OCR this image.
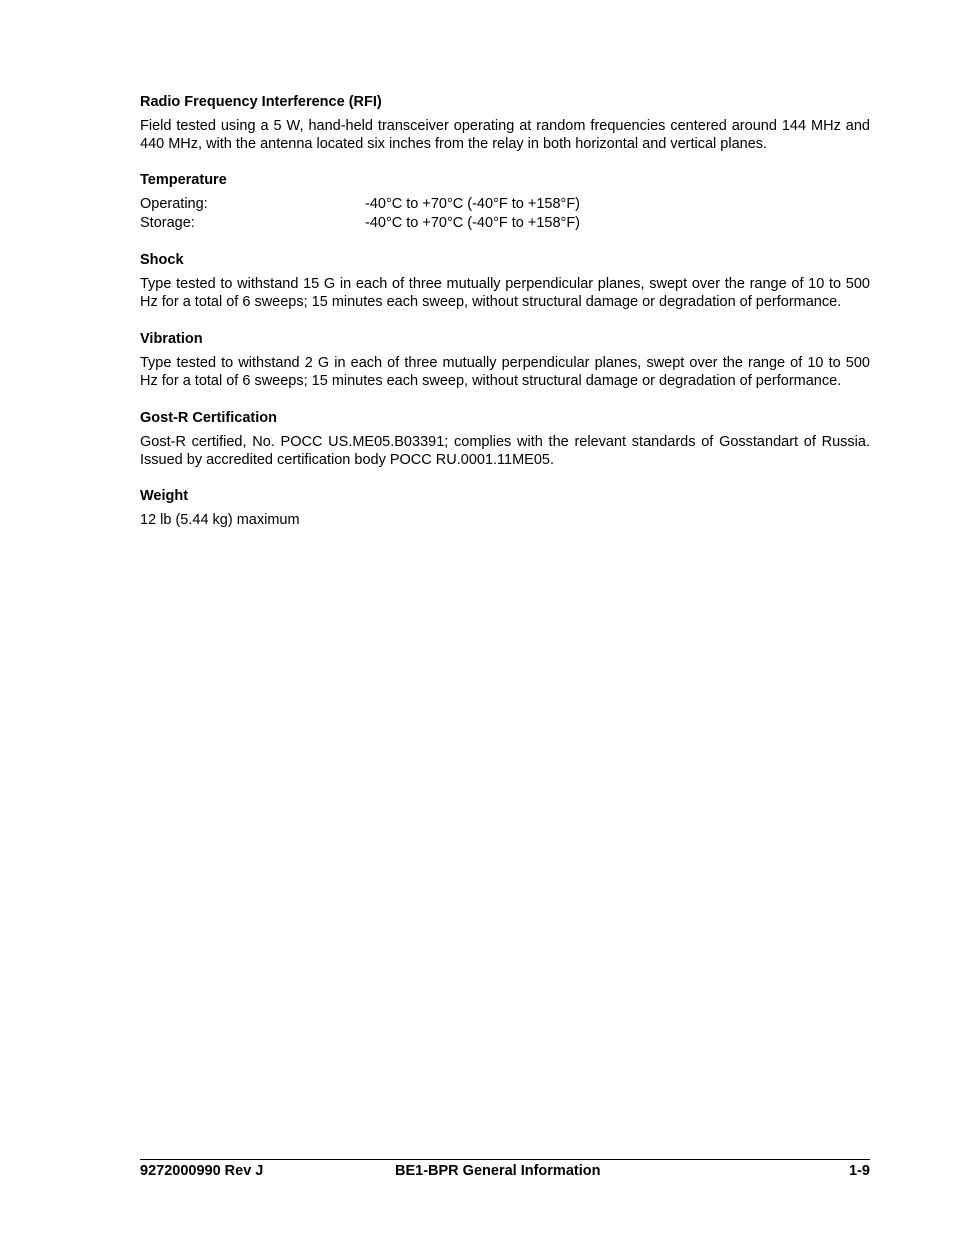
Radio Frequency Interference (RFI)

Field tested using a 5 W, hand-held transceiver operating at random frequencies centered around 144 MHz and 440 MHz, with the antenna located six inches from the relay in both horizontal and vertical planes.

Temperature

Operating:	-40°C to +70°C (-40°F to +158°F)
Storage:	-40°C to +70°C (-40°F to +158°F)

Shock

Type tested to withstand 15 G in each of three mutually perpendicular planes, swept over the range of 10 to 500 Hz for a total of 6 sweeps; 15 minutes each sweep, without structural damage or degradation of performance.

Vibration

Type tested to withstand 2 G in each of three mutually perpendicular planes, swept over the range of 10 to 500 Hz for a total of 6 sweeps; 15 minutes each sweep, without structural damage or degradation of performance.

Gost-R Certification

Gost-R certified, No. POCC US.ME05.B03391; complies with the relevant standards of Gosstandart of Russia. Issued by accredited certification body POCC RU.0001.11ME05.

Weight

12 lb (5.44 kg) maximum

9272000990 Rev J	BE1-BPR General Information	1-9
